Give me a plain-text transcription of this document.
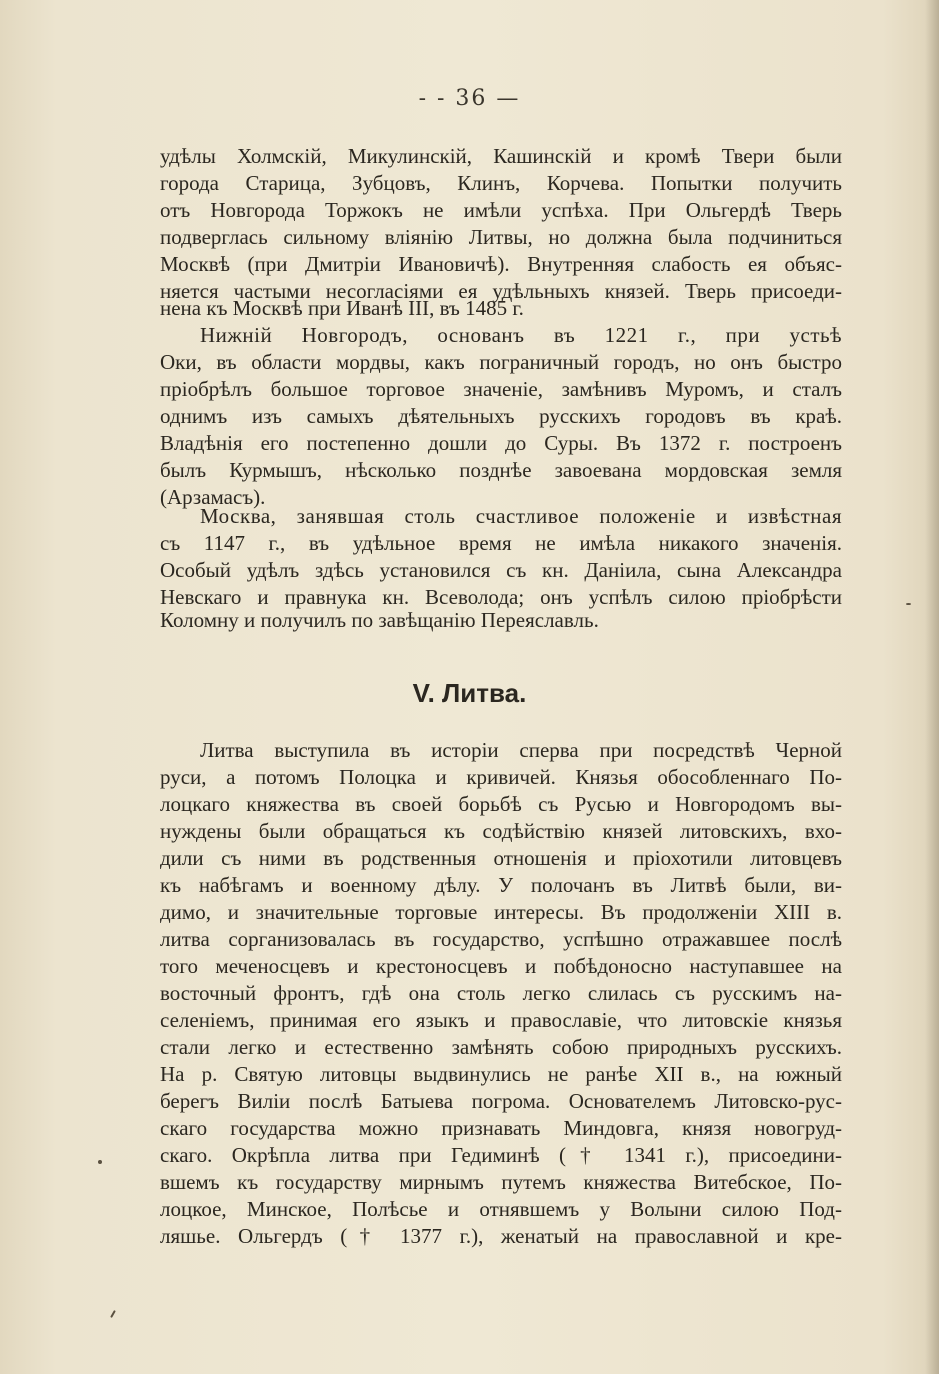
- - 36 —
удѣлы Холмскій, Микулинскій, Кашинскій и кромѣ Твери были
города Старица, Зубцовъ, Клинъ, Корчева. Попытки получить
отъ Новгорода Торжокъ не имѣли успѣха. При Ольгердѣ Тверь
подверглась сильному вліянію Литвы, но должна была подчиниться
Москвѣ (при Дмитріи Ивановичѣ). Внутренняя слабость ея объяс-
няется частыми несогласіями ея удѣльныхъ князей. Тверь присоеди-
нена къ Москвѣ при Иванѣ III, въ 1485 г.
Нижній Новгородъ, основанъ въ 1221 г., при устьѣ
Оки, въ области мордвы, какъ пограничный городъ, но онъ быстро
пріобрѣлъ большое торговое значеніе, замѣнивъ Муромъ, и сталъ
однимъ изъ самыхъ дѣятельныхъ русскихъ городовъ въ краѣ.
Владѣнія его постепенно дошли до Суры. Въ 1372 г. построенъ
былъ Курмышъ, нѣсколько позднѣе завоевана мордовская земля
(Арзамасъ).
Москва, занявшая столь счастливое положеніе и извѣстная
съ 1147 г., въ удѣльное время не имѣла никакого значенія.
Особый удѣлъ здѣсь установился съ кн. Даніила, сына Александра
Невскаго и правнука кн. Всеволода; онъ успѣлъ силою пріобрѣсти
Коломну и получилъ по завѣщанію Переяславль.
V. Литва.
Литва выступила въ исторіи сперва при посредствѣ Черной
руси, а потомъ Полоцка и кривичей. Князья обособленнаго По-
лоцкаго княжества въ своей борьбѣ съ Русью и Новгородомъ вы-
нуждены были обращаться къ содѣйствію князей литовскихъ, вхо-
дили съ ними въ родственныя отношенія и пріохотили литовцевъ
къ набѣгамъ и военному дѣлу. У полочанъ въ Литвѣ были, ви-
димо, и значительные торговые интересы. Въ продолженіи XIII в.
литва сорганизовалась въ государство, успѣшно отражавшее послѣ
того меченосцевъ и крестоносцевъ и побѣдоносно наступавшее на
восточный фронтъ, гдѣ она столь легко слилась съ русскимъ на-
селеніемъ, принимая его языкъ и православіе, что литовскіе князья
стали легко и естественно замѣнять собою природныхъ русскихъ.
На р. Святую литовцы выдвинулись не ранѣе XII в., на южный
берегъ Виліи послѣ Батыева погрома. Основателемъ Литовско-рус-
скаго государства можно признавать Миндовга, князя новогруд-
скаго. Окрѣпла литва при Гедиминѣ († 1341 г.), присоедини-
вшемъ къ государству мирнымъ путемъ княжества Витебское, По-
лоцкое, Минское, Полѣсье и отнявшемъ у Волыни силою Под-
ляшье. Ольгердъ († 1377 г.), женатый на православной и кре-
